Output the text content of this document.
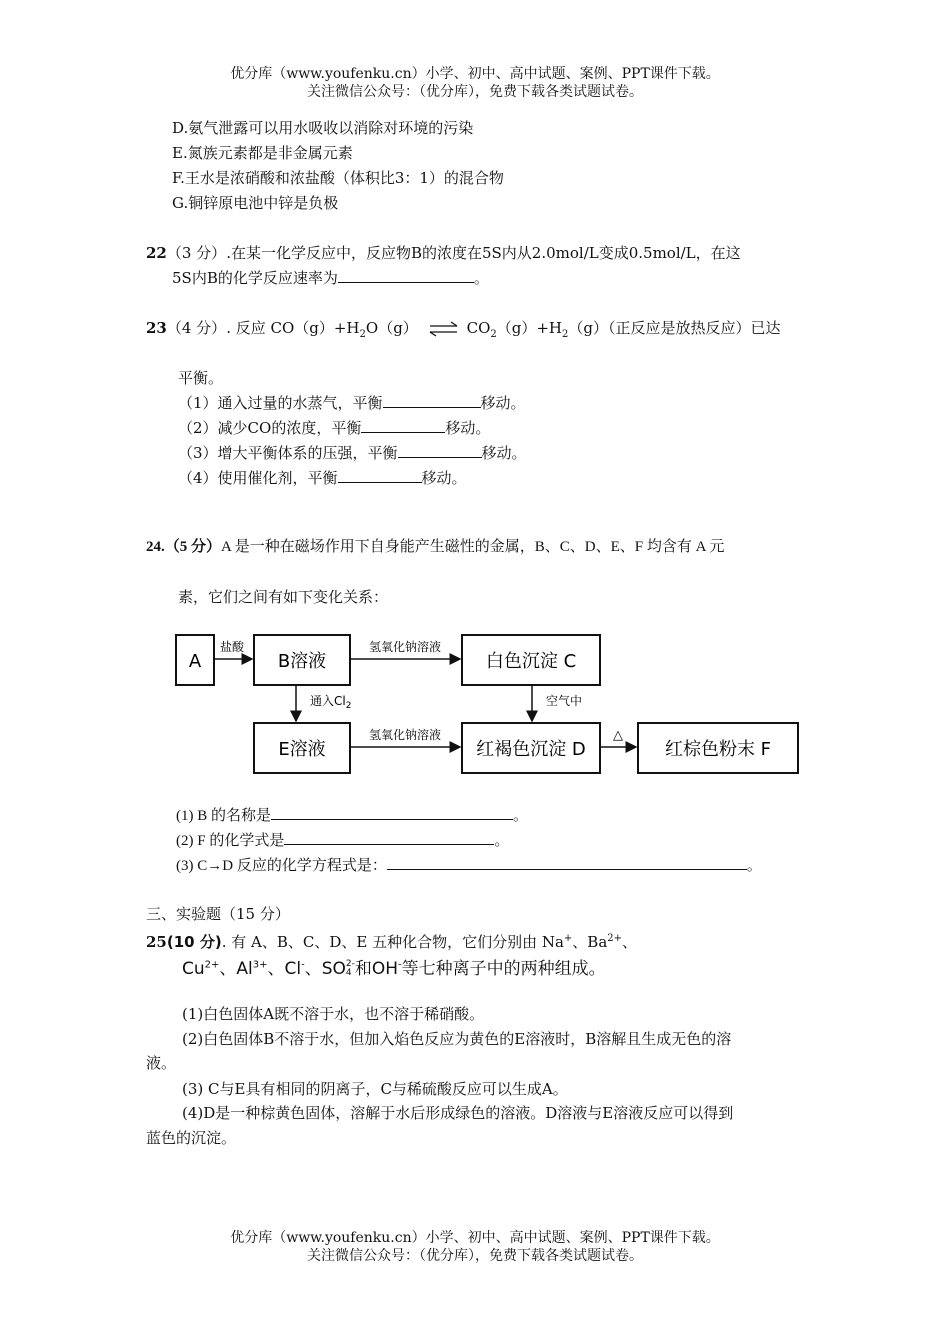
优分库（www.youfenku.cn）小学、初中、高中试题、案例、PPT课件下载。
关注微信公众号：（优分库），免费下载各类试题试卷。
D.氨气泄露可以用水吸收以消除对环境的污染
E.氮族元素都是非金属元素
F.王水是浓硝酸和浓盐酸（体积比3：1）的混合物
G.铜锌原电池中锌是负极
22（3 分）.在某一化学反应中，反应物B的浓度在5S内从2.0mol/L变成0.5mol/L，在这
5S内B的化学反应速率为	。
23（4 分）. 反应 $CO(g)+H_2O(g)$ ⇌ $CO_2(g)+H_2(g)$（正反应是放热反应）已达
平衡。
（1）通入过量的水蒸气，平衡	移动。
（2）减少CO的浓度，平衡	移动。
（3）增大平衡体系的压强，平衡	移动。
（4）使用催化剂，平衡	移动。
24.（5 分）A 是一种在磁场作用下自身能产生磁性的金属，B、C、D、E、F 均含有 A 元
素，它们之间有如下变化关系：
A
盐酸
B溶液
氢氧化钠溶液
白色沉淀 C
通入$Cl_2$	空气中
E溶液
氢氧化钠溶液
红褐色沉淀 D
△
红棕色粉末 F
(1) B 的名称是	。
(2) F 的化学式是	。
(3) C→D 反应的化学方程式是：	。
三、实验题（15 分）
25(10 分). 有 A、B、C、D、E 五种化合物，它们分别由 Na+、$Ba^{2+}$、
$Cu^{2+}$、$Al^{3+}$、Cl-、SO 2-
4 和OH-等七种离子中的两种组成。
(1)白色固体A既不溶于水，也不溶于稀硝酸。
(2)白色固体B不溶于水，但加入焰色反应为黄色的E溶液时，B溶解且生成无色的溶
液。
(3) C与E具有相同的阴离子，C与稀硫酸反应可以生成A。
(4)D是一种棕黄色固体，溶解于水后形成绿色的溶液。D溶液与E溶液反应可以得到
蓝色的沉淀。
优分库（www.youfenku.cn）小学、初中、高中试题、案例、PPT课件下载。
关注微信公众号：（优分库），免费下载各类试题试卷。
